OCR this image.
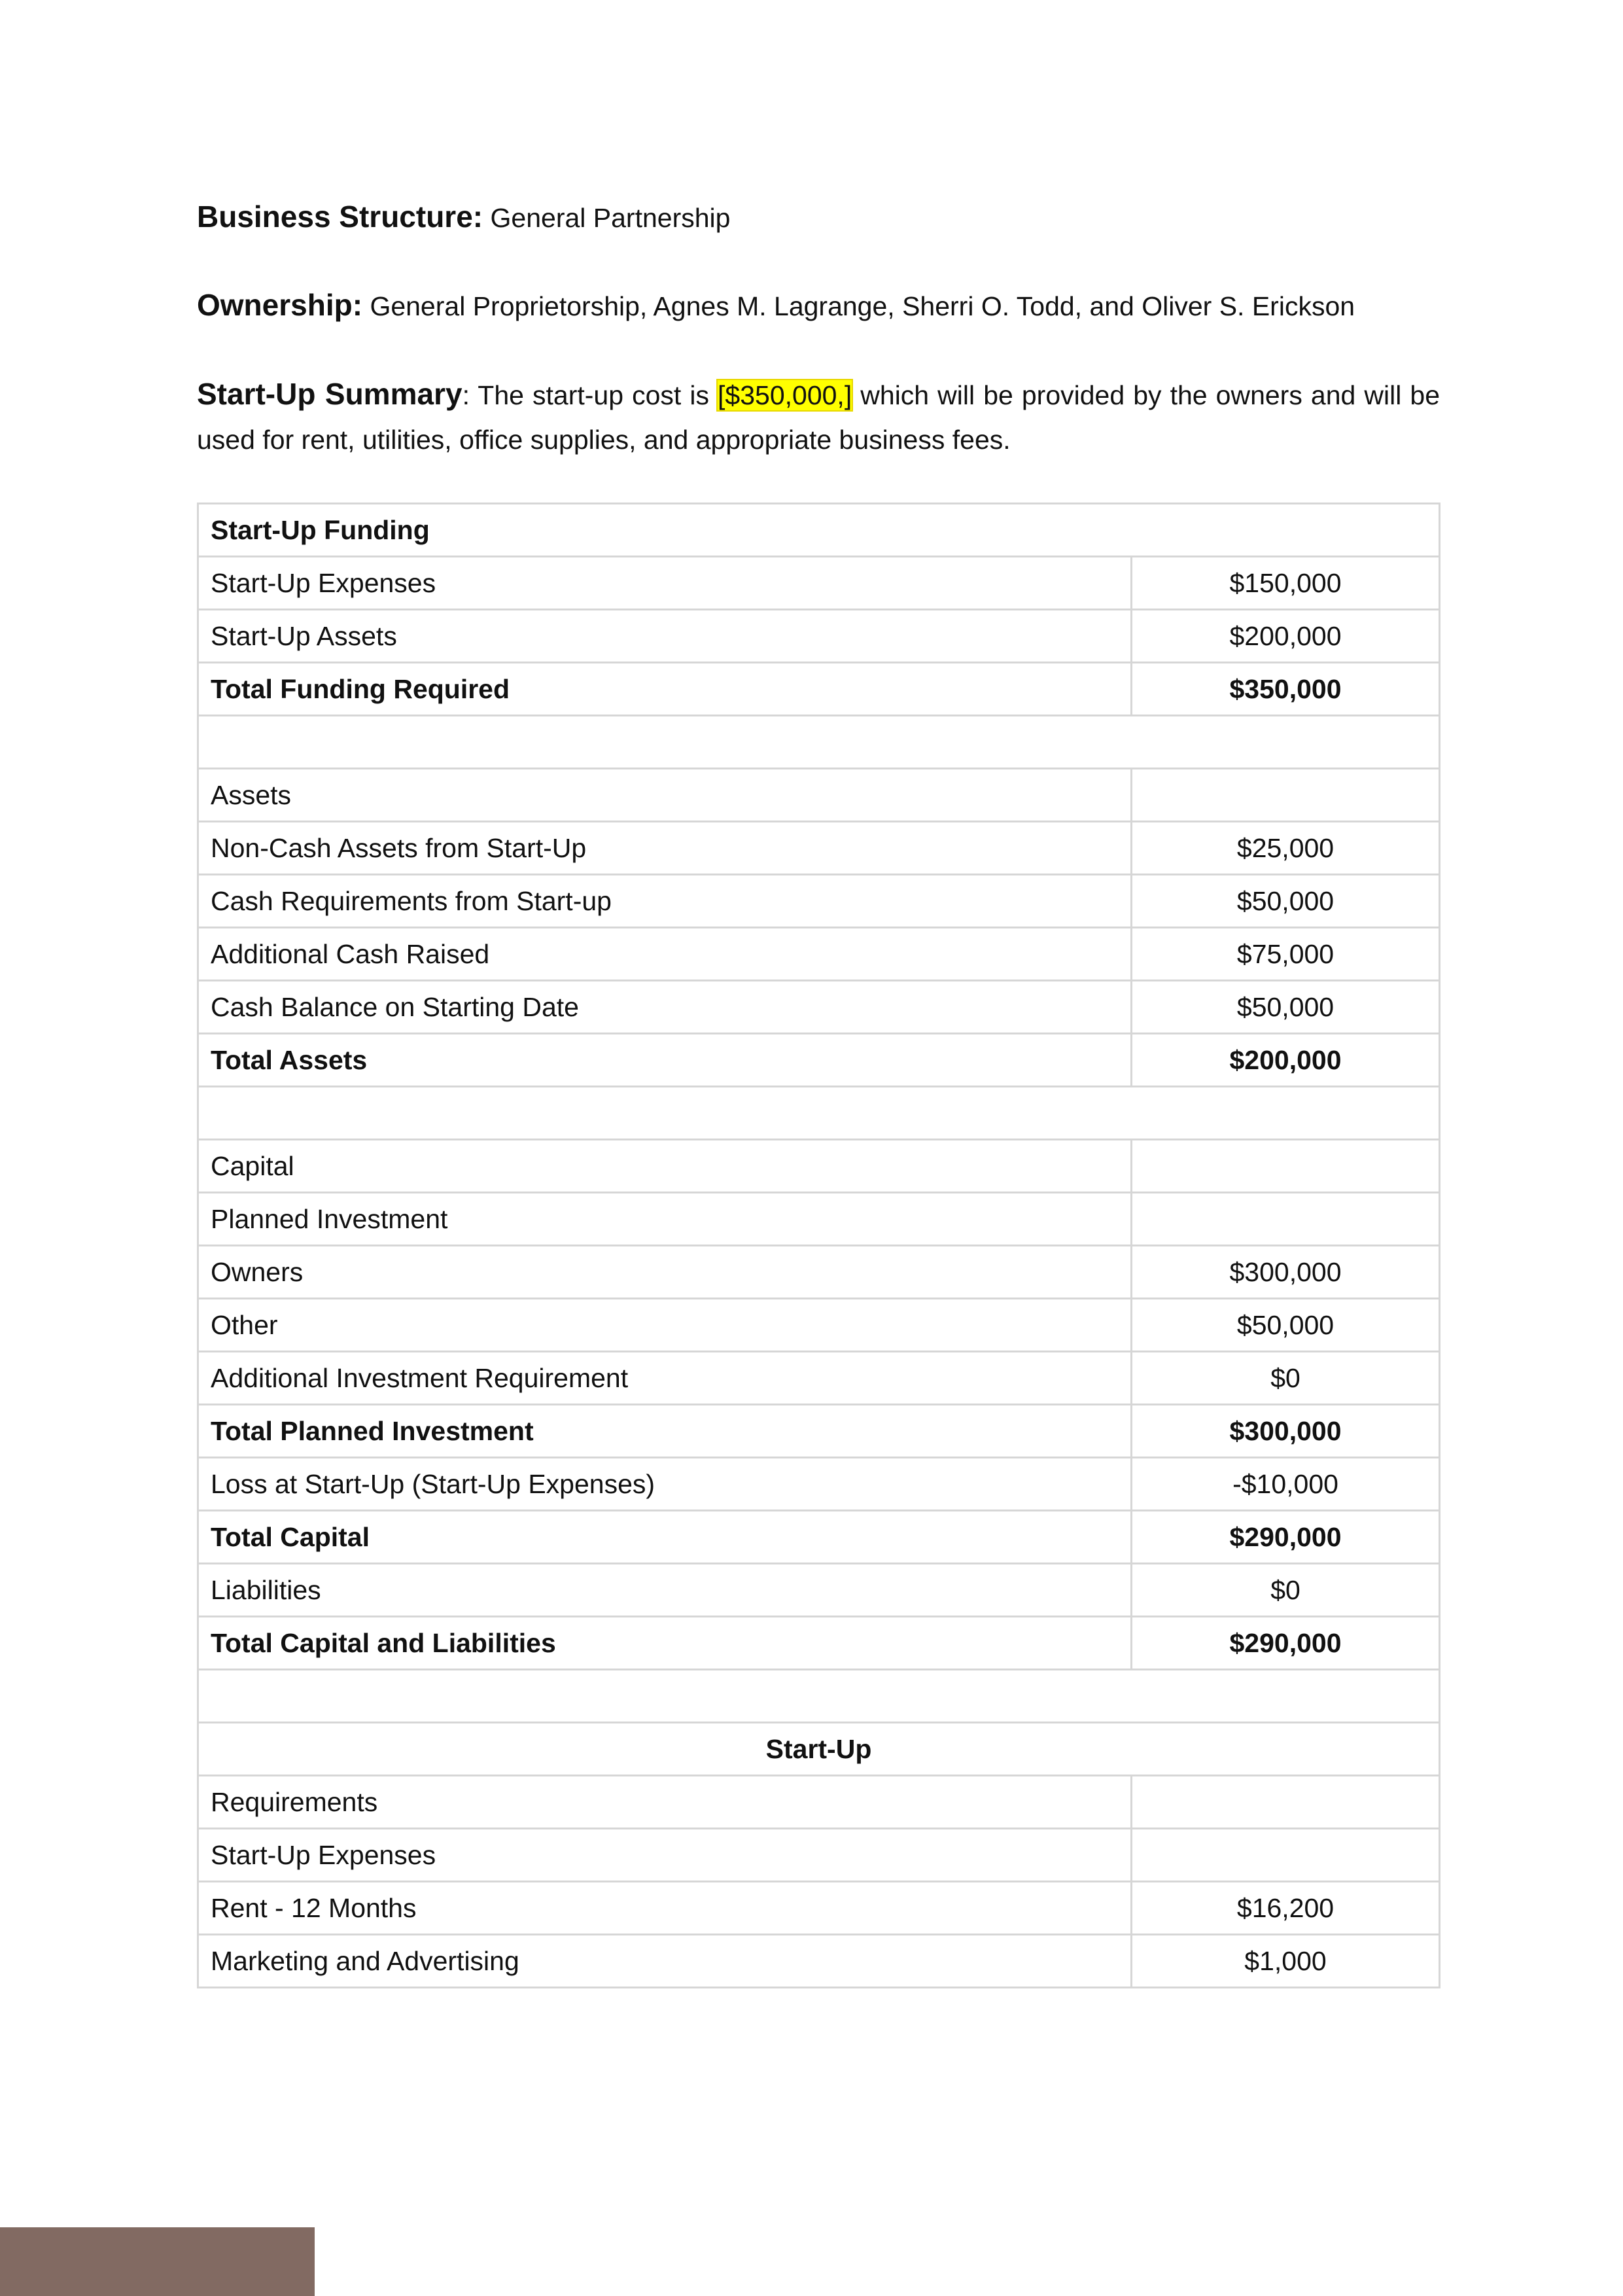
Business Structure: General Partnership

Ownership: General Proprietorship, Agnes M. Lagrange, Sherri O. Todd, and Oliver S. Erickson

Start-Up Summary: The start-up cost is [$350,000,] which will be provided by the owners and will be used for rent, utilities, office supplies, and appropriate business fees.

Start-Up Funding	
Start-Up Expenses	$150,000
Start-Up Assets	$200,000
Total Funding Required	$350,000

Assets	
Non-Cash Assets from Start-Up	$25,000
Cash Requirements from Start-up	$50,000
Additional Cash Raised	$75,000
Cash Balance on Starting Date	$50,000
Total Assets	$200,000

Capital	
Planned Investment	
Owners	$300,000
Other	$50,000
Additional Investment Requirement	$0
Total Planned Investment	$300,000
Loss at Start-Up (Start-Up Expenses)	-$10,000
Total Capital	$290,000
Liabilities	$0
Total Capital and Liabilities	$290,000

Start-Up	
Requirements	
Start-Up Expenses	
Rent - 12 Months	$16,200
Marketing and Advertising	$1,000
